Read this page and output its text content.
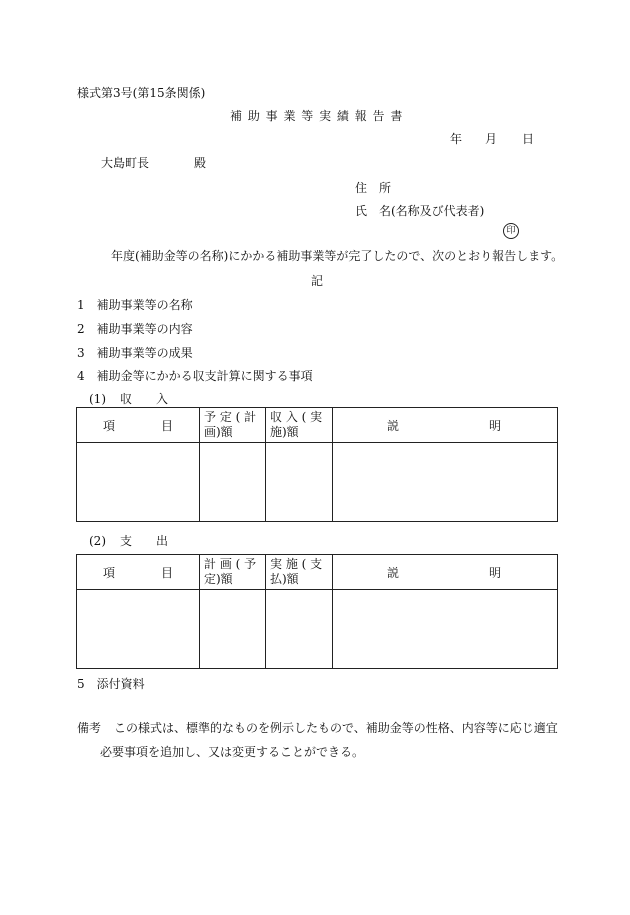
様式第3号(第15条関係)
補 助 事 業 等 実 績 報 告 書
年 月 日
大島町長	殿
住　所
氏　名(名称及び代表者)
印
年度(補助金等の名称)にかかる補助事業等が完了したので、次のとおり報告します。
記
1 補助事業等の名称
2 補助事業等の内容
3 補助事業等の成果
4 補助金等にかかる収支計算に関する事項
(1) 収　　入
項 目	予 定 ( 計 画)額	収 入 ( 実 施)額	説 明

(2) 支　　出
項 目	計 画 ( 予 定)額	実 施 ( 支 払)額	説 明

5 添付資料
備考 この様式は、標準的なものを例示したもので、補助金等の性格、内容等に応じ適宜
必要事項を追加し、又は変更することができる。
